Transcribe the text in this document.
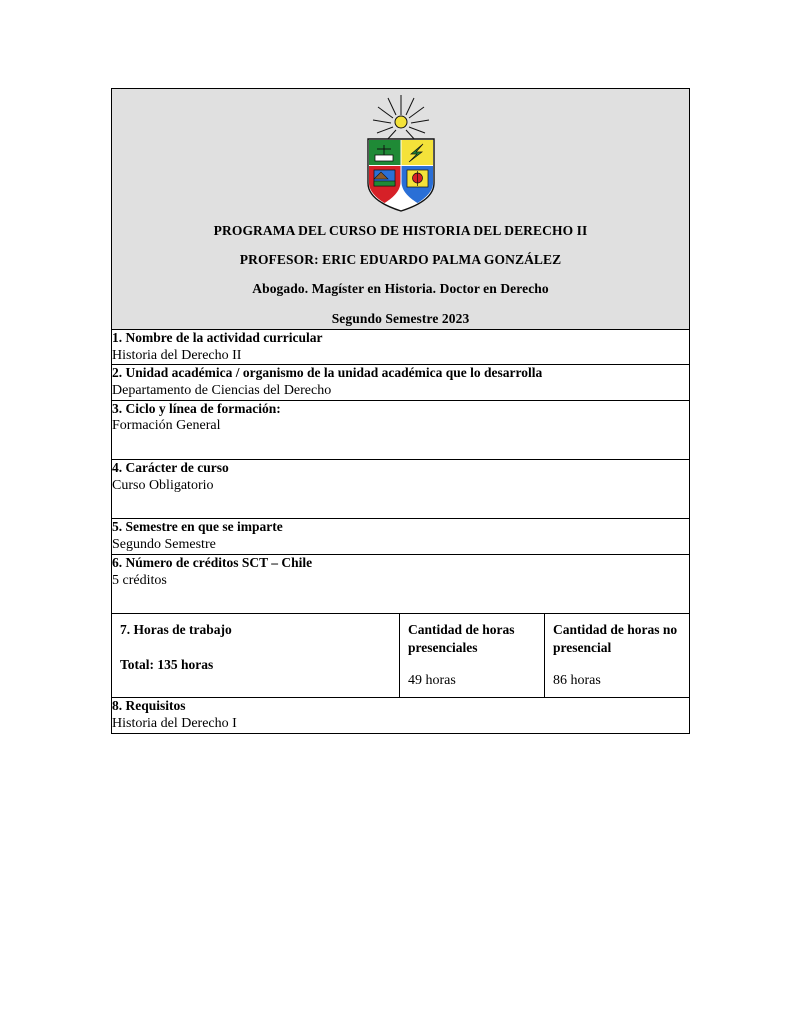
PROGRAMA DEL CURSO DE HISTORIA DEL DERECHO II

PROFESOR: ERIC EDUARDO PALMA GONZÁLEZ

Abogado. Magíster en Historia. Doctor en Derecho

Segundo Semestre 2023

1. Nombre de la actividad curricular
Historia del Derecho II
2. Unidad académica / organismo de la unidad académica que lo desarrolla
Departamento de Ciencias del Derecho
3. Ciclo y línea de formación:
Formación General
4. Carácter de curso
Curso Obligatorio
5. Semestre en que se imparte
Segundo Semestre
6. Número de créditos SCT – Chile
5 créditos

7. Horas de trabajo
Total: 135 horas

Cantidad de horas presenciales
49 horas

Cantidad de horas no presencial
86 horas

8. Requisitos
Historia del Derecho I
